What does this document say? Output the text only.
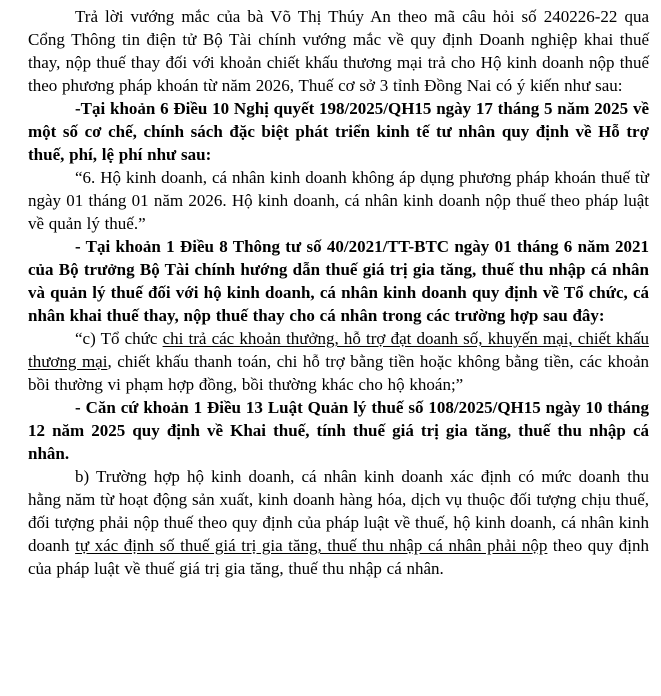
Trả lời vướng mắc của bà Võ Thị Thúy An theo mã câu hỏi số 240226-22 qua Cổng Thông tin điện tử Bộ Tài chính vướng mắc về quy định Doanh nghiệp khai thuế thay, nộp thuế thay đối với khoản chiết khấu thương mại trả cho Hộ kinh doanh nộp thuế theo phương pháp khoán từ năm 2026, Thuế cơ sở 3 tỉnh Đồng Nai có ý kiến như sau:

-Tại khoản 6 Điều 10 Nghị quyết 198/2025/QH15 ngày 17 tháng 5 năm 2025 về một số cơ chế, chính sách đặc biệt phát triển kinh tế tư nhân quy định về Hỗ trợ thuế, phí, lệ phí như sau:

“6. Hộ kinh doanh, cá nhân kinh doanh không áp dụng phương pháp khoán thuế từ ngày 01 tháng 01 năm 2026. Hộ kinh doanh, cá nhân kinh doanh nộp thuế theo pháp luật về quản lý thuế.”

- Tại khoản 1 Điều 8 Thông tư số 40/2021/TT-BTC ngày 01 tháng 6 năm 2021 của Bộ trưởng Bộ Tài chính hướng dẫn thuế giá trị gia tăng, thuế thu nhập cá nhân và quản lý thuế đối với hộ kinh doanh, cá nhân kinh doanh quy định về Tổ chức, cá nhân khai thuế thay, nộp thuế thay cho cá nhân trong các trường hợp sau đây:

“c) Tổ chức chi trả các khoản thưởng, hỗ trợ đạt doanh số, khuyến mại, chiết khấu thương mại, chiết khấu thanh toán, chi hỗ trợ bằng tiền hoặc không bằng tiền, các khoản bồi thường vi phạm hợp đồng, bồi thường khác cho hộ khoán;”

- Căn cứ khoản 1 Điều 13 Luật Quản lý thuế số 108/2025/QH15 ngày 10 tháng 12 năm 2025 quy định về Khai thuế, tính thuế giá trị gia tăng, thuế thu nhập cá nhân.

b) Trường hợp hộ kinh doanh, cá nhân kinh doanh xác định có mức doanh thu hằng năm từ hoạt động sản xuất, kinh doanh hàng hóa, dịch vụ thuộc đối tượng chịu thuế, đối tượng phải nộp thuế theo quy định của pháp luật về thuế, hộ kinh doanh, cá nhân kinh doanh tự xác định số thuế giá trị gia tăng, thuế thu nhập cá nhân phải nộp theo quy định của pháp luật về thuế giá trị gia tăng, thuế thu nhập cá nhân.
